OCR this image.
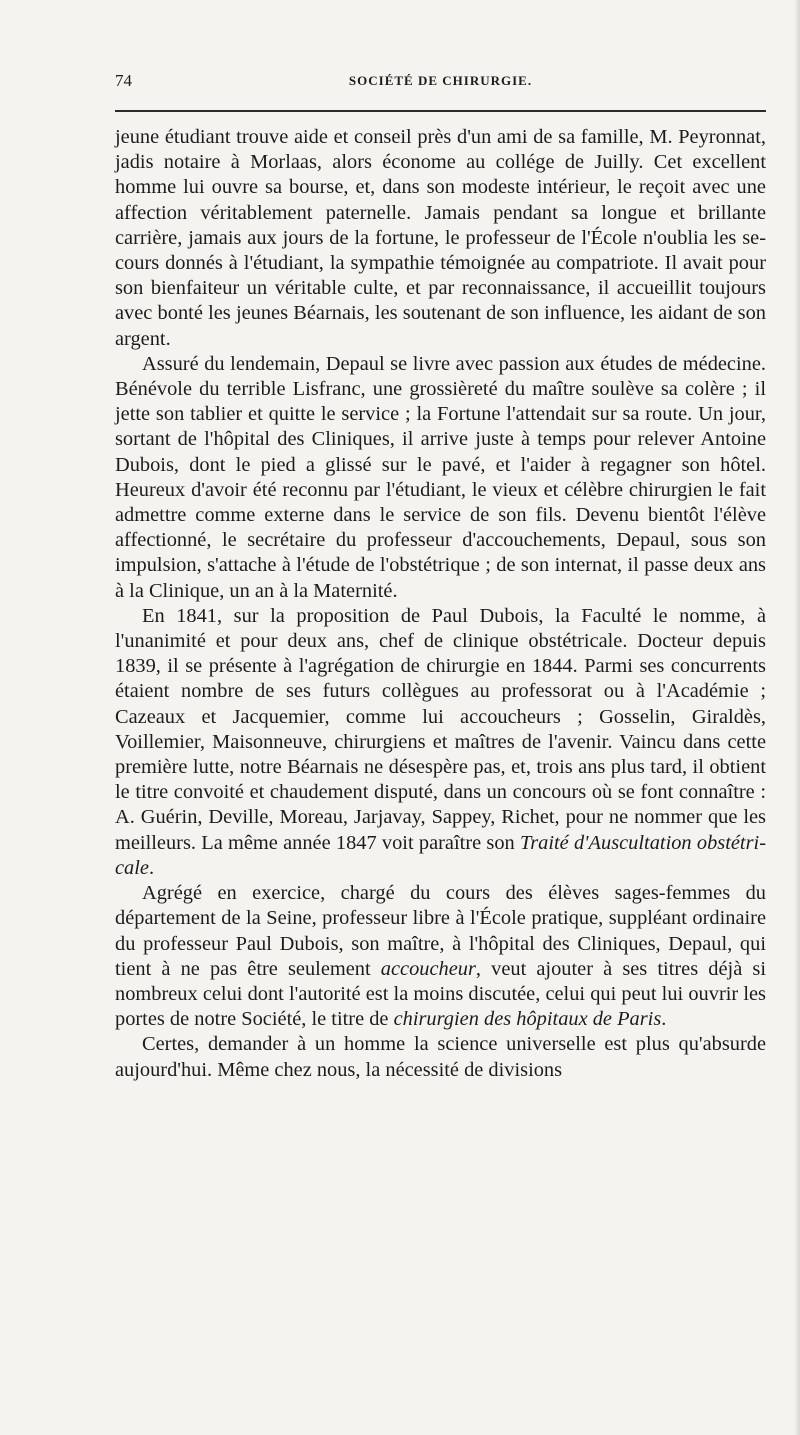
74	SOCIÉTÉ DE CHIRURGIE.

jeune étudiant trouve aide et conseil près d'un ami de sa famille, M. Peyronnat, jadis notaire à Morlaas, alors économe au collége de Juilly. Cet excellent homme lui ouvre sa bourse, et, dans son modeste intérieur, le reçoit avec une affection véritablement paternelle. Jamais pendant sa longue et brillante carrière, jamais aux jours de la fortune, le professeur de l'École n'oublia les secours donnés à l'étudiant, la sympathie témoignée au compatriote. Il avait pour son bienfaiteur un véritable culte, et par reconnaissance, il accueillit toujours avec bonté les jeunes Béarnais, les soutenant de son influence, les aidant de son argent.

Assuré du lendemain, Depaul se livre avec passion aux études de médecine. Bénévole du terrible Lisfranc, une grossièreté du maître soulève sa colère ; il jette son tablier et quitte le service ; la Fortune l'attendait sur sa route. Un jour, sortant de l'hôpital des Cliniques, il arrive juste à temps pour relever Antoine Dubois, dont le pied a glissé sur le pavé, et l'aider à regagner son hôtel. Heureux d'avoir été reconnu par l'étudiant, le vieux et célèbre chirurgien le fait admettre comme externe dans le service de son fils. Devenu bientôt l'élève affectionné, le secrétaire du professeur d'accouchements, Depaul, sous son impulsion, s'attache à l'étude de l'obstétrique ; de son internat, il passe deux ans à la Clinique, un an à la Maternité.

En 1841, sur la proposition de Paul Dubois, la Faculté le nomme, à l'unanimité et pour deux ans, chef de clinique obstétricale. Docteur depuis 1839, il se présente à l'agrégation de chirurgie en 1844. Parmi ses concurrents étaient nombre de ses futurs collègues au professorat ou à l'Académie ; Cazeaux et Jacquemier, comme lui accoucheurs ; Gosselin, Giraldès, Voillemier, Maisonneuve, chirurgiens et maîtres de l'avenir. Vaincu dans cette première lutte, notre Béarnais ne désespère pas, et, trois ans plus tard, il obtient le titre convoité et chaudement disputé, dans un concours où se font connaître : A. Guérin, Deville, Moreau, Jarjavay, Sappey, Richet, pour ne nommer que les meilleurs. La même année 1847 voit paraître son Traité d'Auscultation obstétricale.

Agrégé en exercice, chargé du cours des élèves sages-femmes du département de la Seine, professeur libre à l'École pratique, suppléant ordinaire du professeur Paul Dubois, son maître, à l'hôpital des Cliniques, Depaul, qui tient à ne pas être seulement accoucheur, veut ajouter à ses titres déjà si nombreux celui dont l'autorité est la moins discutée, celui qui peut lui ouvrir les portes de notre Société, le titre de chirurgien des hôpitaux de Paris.

Certes, demander à un homme la science universelle est plus qu'absurde aujourd'hui. Même chez nous, la nécessité de divisions
